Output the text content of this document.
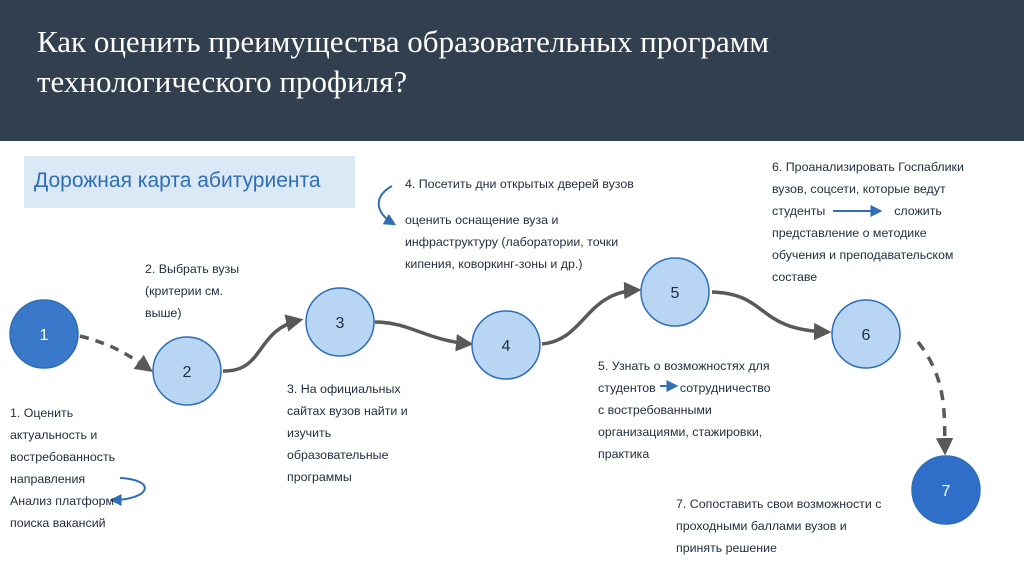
Как оценить преимущества образовательных программ
технологического профиля?
Дорожная карта абитуриента
1
2
3
4
5
6
7
1. Оценить
актуальность и
востребованность
направления
Анализ платформ
поиска вакансий
2. Выбрать вузы
(критерии см.
выше)
3. На официальных
сайтах вузов найти и
изучить
образовательные
программы
4. Посетить дни открытых дверей вузов
оценить оснащение вуза и
инфраструктуру (лаборатории, точки
кипения, коворкинг-зоны и др.)
5. Узнать о возможностях для
студентов       сотрудничество
с востребованными
организациями, стажировки,
практика
6. Проанализировать Госпаблики
вузов, соцсети, которые ведут
студенты                    сложить
представление о методике
обучения и преподавательском
составе
7. Сопоставить свои возможности с
проходными баллами вузов и
принять решение
